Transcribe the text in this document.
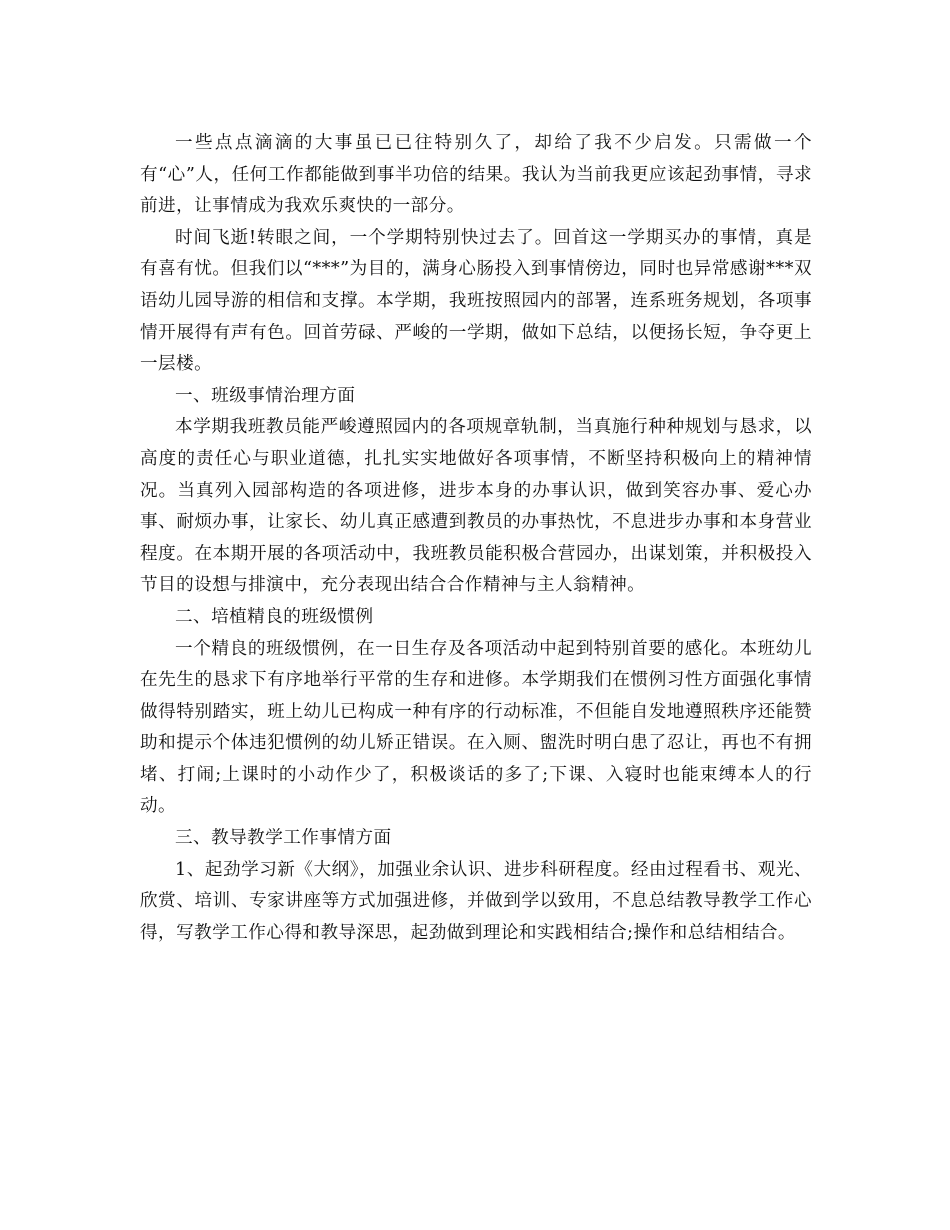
一些点点滴滴的大事虽已已往特别久了，却给了我不少启发。只需做一个有“心”人，任何工作都能做到事半功倍的结果。我认为当前我更应该起劲事情，寻求前进，让事情成为我欢乐爽快的一部分。

时间飞逝!转眼之间，一个学期特别快过去了。回首这一学期买办的事情，真是有喜有忧。但我们以“***”为目的，满身心肠投入到事情傍边，同时也异常感谢***双语幼儿园导游的相信和支撑。本学期，我班按照园内的部署，连系班务规划，各项事情开展得有声有色。回首劳碌、严峻的一学期，做如下总结，以便扬长短，争夺更上一层楼。

一、班级事情治理方面

本学期我班教员能严峻遵照园内的各项规章轨制，当真施行种种规划与恳求，以高度的责任心与职业道德，扎扎实实地做好各项事情，不断坚持积极向上的精神情况。当真列入园部构造的各项进修，进步本身的办事认识，做到笑容办事、爱心办事、耐烦办事，让家长、幼儿真正感遭到教员的办事热忱，不息进步办事和本身营业程度。在本期开展的各项活动中，我班教员能积极合营园办，出谋划策，并积极投入节目的设想与排演中，充分表现出结合合作精神与主人翁精神。

二、培植精良的班级惯例

一个精良的班级惯例，在一日生存及各项活动中起到特别首要的感化。本班幼儿在先生的恳求下有序地举行平常的生存和进修。本学期我们在惯例习性方面强化事情做得特别踏实，班上幼儿已构成一种有序的行动标准，不但能自发地遵照秩序还能赞助和提示个体违犯惯例的幼儿矫正错误。在入厕、盥洗时明白患了忍让，再也不有拥堵、打闹;上课时的小动作少了，积极谈话的多了;下课、入寝时也能束缚本人的行动。

三、教导教学工作事情方面

1、起劲学习新《大纲》，加强业余认识、进步科研程度。经由过程看书、观光、欣赏、培训、专家讲座等方式加强进修，并做到学以致用，不息总结教导教学工作心得，写教学工作心得和教导深思，起劲做到理论和实践相结合;操作和总结相结合。
